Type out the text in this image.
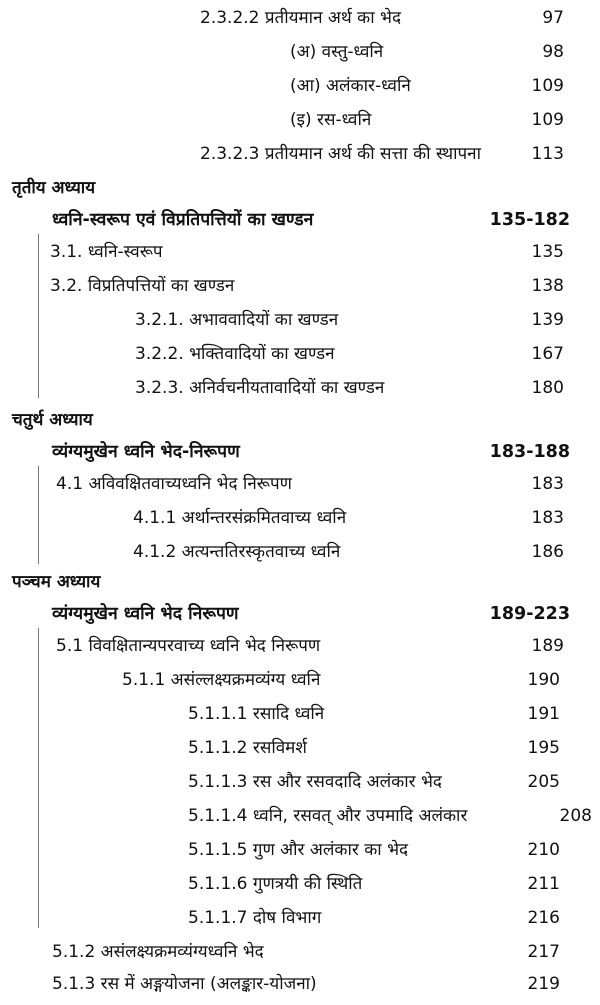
2.3.2.2 प्रतीयमान अर्थ का भेद	97
(अ) वस्तु-ध्वनि	98
(आ) अलंकार-ध्वनि	109
(इ) रस-ध्वनि	109
2.3.2.3 प्रतीयमान अर्थ की सत्ता की स्थापना	113
तृतीय अध्याय
ध्वनि-स्वरूप एवं विप्रतिपत्तियों का खण्डन	135-182
3.1. ध्वनि-स्वरूप	135
3.2. विप्रतिपत्तियों का खण्डन	138
3.2.1. अभाववादियों का खण्डन	139
3.2.2. भक्तिवादियों का खण्डन	167
3.2.3. अनिर्वचनीयतावादियों का खण्डन	180
चतुर्थ अध्याय
व्यंग्यमुखेन ध्वनि भेद-निरूपण	183-188
4.1 अविवक्षितवाच्यध्वनि भेद निरूपण	183
4.1.1 अर्थान्तरसंक्रमितवाच्य ध्वनि	183
4.1.2 अत्यन्ततिरस्कृतवाच्य ध्वनि	186
पञ्चम अध्याय
व्यंग्यमुखेन ध्वनि भेद निरूपण	189-223
5.1 विवक्षितान्यपरवाच्य ध्वनि भेद निरूपण	189
5.1.1 असंल्लक्ष्यक्रमव्यंग्य ध्वनि	190
5.1.1.1 रसादि ध्वनि	191
5.1.1.2 रसविमर्श	195
5.1.1.3 रस और रसवदादि अलंकार भेद	205
5.1.1.4 ध्वनि, रसवत् और उपमादि अलंकार	208
5.1.1.5 गुण और अलंकार का भेद	210
5.1.1.6 गुणत्रयी की स्थिति	211
5.1.1.7 दोष विभाग	216
5.1.2 असंलक्ष्यक्रमव्यंग्यध्वनि भेद	217
5.1.3 रस में अङ्गयोजना (अलङ्कार-योजना)	219
